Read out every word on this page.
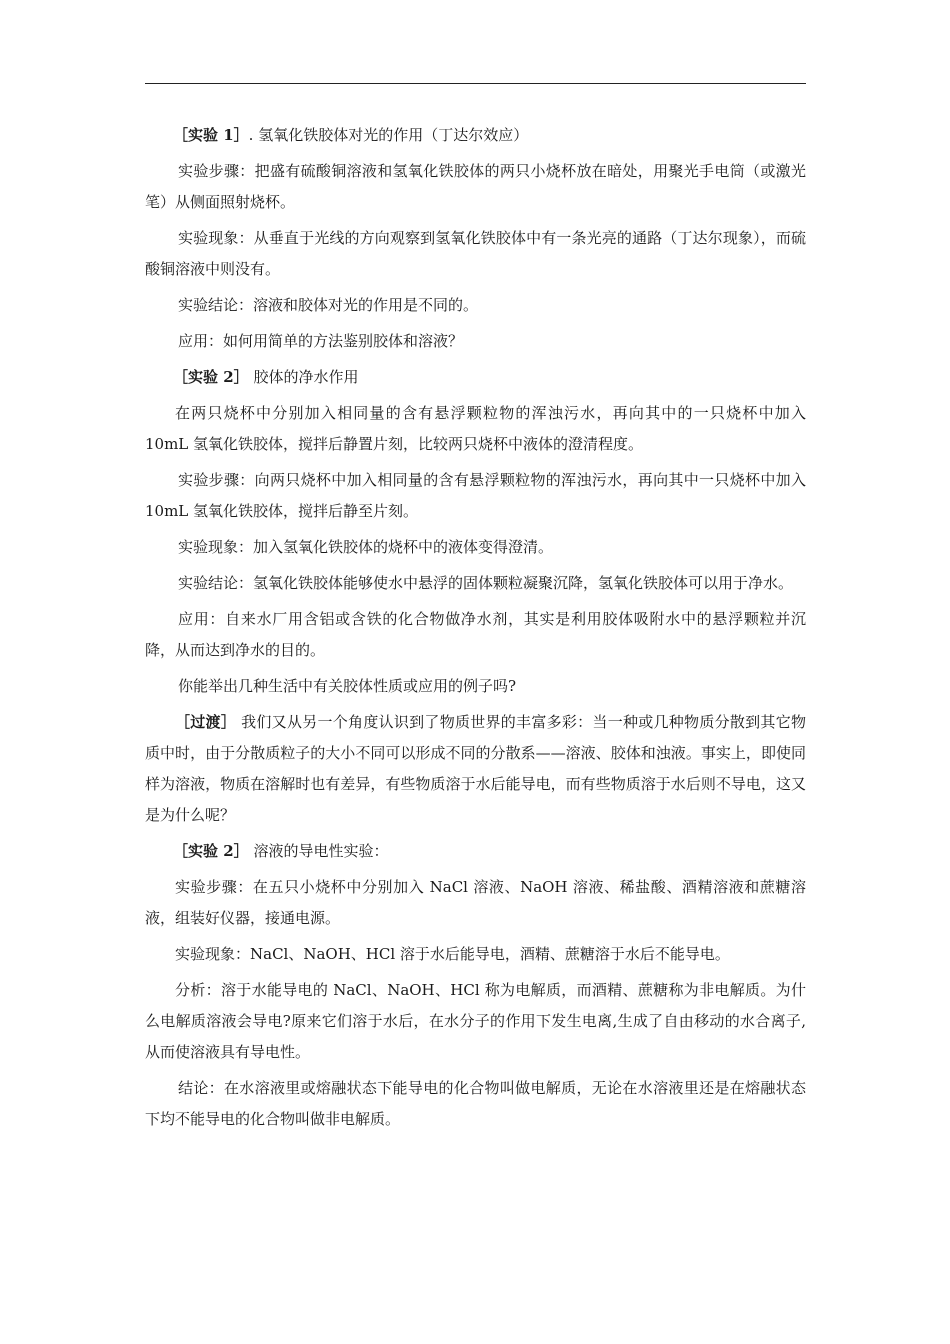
［实验 1］. 氢氧化铁胶体对光的作用（丁达尔效应）

实验步骤：把盛有硫酸铜溶液和氢氧化铁胶体的两只小烧杯放在暗处，用聚光手电筒（或激光笔）从侧面照射烧杯。

实验现象：从垂直于光线的方向观察到氢氧化铁胶体中有一条光亮的通路（丁达尔现象），而硫酸铜溶液中则没有。

实验结论：溶液和胶体对光的作用是不同的。

应用：如何用简单的方法鉴别胶体和溶液？

［实验 2］ 胶体的净水作用

在两只烧杯中分别加入相同量的含有悬浮颗粒物的浑浊污水，再向其中的一只烧杯中加入 10mL 氢氧化铁胶体，搅拌后静置片刻，比较两只烧杯中液体的澄清程度。

实验步骤：向两只烧杯中加入相同量的含有悬浮颗粒物的浑浊污水，再向其中一只烧杯中加入 10mL 氢氧化铁胶体，搅拌后静至片刻。

实验现象：加入氢氧化铁胶体的烧杯中的液体变得澄清。

实验结论：氢氧化铁胶体能够使水中悬浮的固体颗粒凝聚沉降，氢氧化铁胶体可以用于净水。

应用：自来水厂用含铝或含铁的化合物做净水剂，其实是利用胶体吸附水中的悬浮颗粒并沉降，从而达到净水的目的。

你能举出几种生活中有关胶体性质或应用的例子吗?

［过渡］ 我们又从另一个角度认识到了物质世界的丰富多彩：当一种或几种物质分散到其它物质中时，由于分散质粒子的大小不同可以形成不同的分散系——溶液、胶体和浊液。事实上，即使同样为溶液，物质在溶解时也有差异，有些物质溶于水后能导电，而有些物质溶于水后则不导电，这又是为什么呢？

［实验 2］ 溶液的导电性实验：

实验步骤：在五只小烧杯中分别加入 NaCl 溶液、NaOH 溶液、稀盐酸、酒精溶液和蔗糖溶液，组装好仪器，接通电源。

实验现象：NaCl、NaOH、HCl 溶于水后能导电，酒精、蔗糖溶于水后不能导电。

分析：溶于水能导电的 NaCl、NaOH、HCl 称为电解质，而酒精、蔗糖称为非电解质。为什么电解质溶液会导电?原来它们溶于水后，在水分子的作用下发生电离,生成了自由移动的水合离子,从而使溶液具有导电性。

结论：在水溶液里或熔融状态下能导电的化合物叫做电解质，无论在水溶液里还是在熔融状态下均不能导电的化合物叫做非电解质。
